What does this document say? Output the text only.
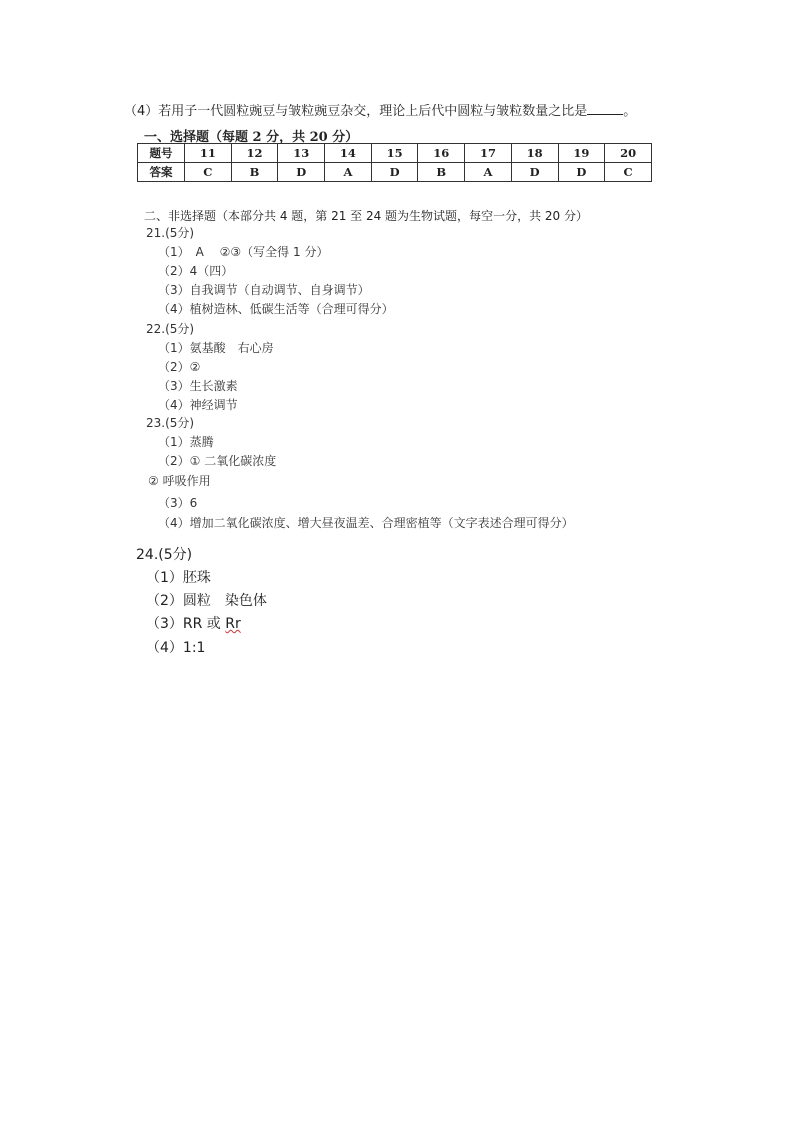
（4）若用子一代圆粒豌豆与皱粒豌豆杂交，理论上后代中圆粒与皱粒数量之比是	。
一、选择题（每题 2 分，共 20 分）
题号	11	12	13	14	15	16	17	18	19	20
答案	C	B	D	A	D	B	A	D	D	C
二、非选择题（本部分共 4 题，第 21 至 24 题为生物试题，每空一分，共 20 分）
21.(5分)
（1）　A　 ②③（写全得 1 分）
（2）4（四）
（3）自我调节（自动调节、自身调节）
（4）植树造林、低碳生活等（合理可得分）
22.(5分)
（1）氨基酸　右心房
（2）②
（3）生长激素
（4）神经调节
23.(5分)
（1）蒸腾
（2）① 二氧化碳浓度
② 呼吸作用
（3）6
（4）增加二氧化碳浓度、增大昼夜温差、合理密植等（文字表述合理可得分）
24.(5分)
（1）胚珠
（2）圆粒　染色体
（3）RR 或 Rr
（4）1:1
